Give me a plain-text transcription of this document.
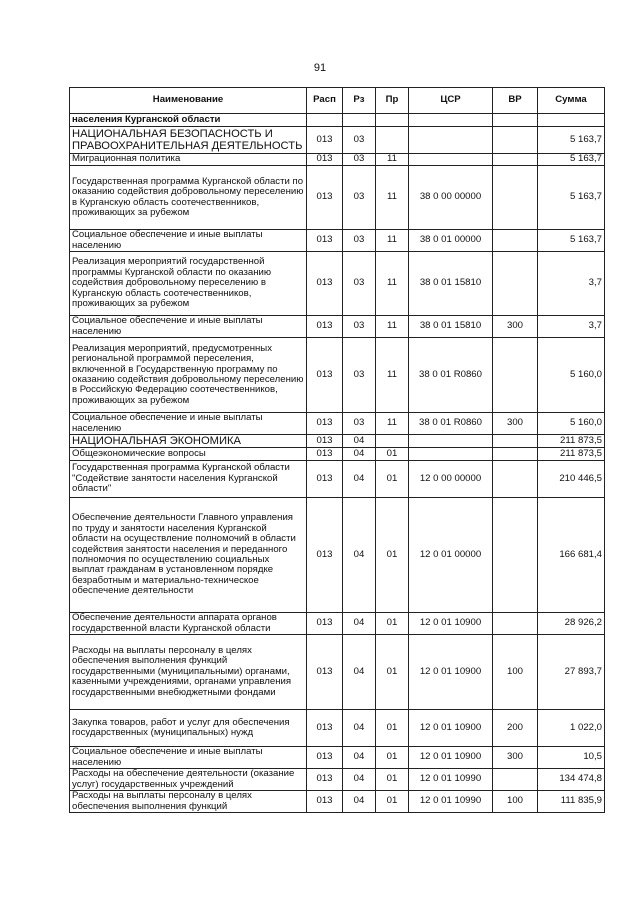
91
Наименование	Расп	Рз	Пр	ЦСР	ВР	Сумма
населения Курганской области						
НАЦИОНАЛЬНАЯ БЕЗОПАСНОСТЬ И ПРАВООХРАНИТЕЛЬНАЯ ДЕЯТЕЛЬНОСТЬ	013	03				5 163,7
Миграционная политика	013	03	11			5 163,7
Государственная программа Курганской области по оказанию содействия добровольному переселению в Курганскую область соотечественников, проживающих за рубежом	013	03	11	38 0 00 00000		5 163,7
Социальное обеспечение и иные выплаты населению	013	03	11	38 0 01 00000		5 163,7
Реализация мероприятий государственной программы Курганской области по оказанию содействия добровольному переселению в Курганскую область соотечественников, проживающих за рубежом	013	03	11	38 0 01 15810		3,7
Социальное обеспечение и иные выплаты населению	013	03	11	38 0 01 15810	300	3,7
Реализация мероприятий, предусмотренных региональной программой переселения, включенной в Государственную программу по оказанию содействия добровольному переселению в Российскую Федерацию соотечественников, проживающих за рубежом	013	03	11	38 0 01 R0860		5 160,0
Социальное обеспечение и иные выплаты населению	013	03	11	38 0 01 R0860	300	5 160,0
НАЦИОНАЛЬНАЯ ЭКОНОМИКА	013	04				211 873,5
Общеэкономические вопросы	013	04	01			211 873,5
Государственная программа Курганской области "Содействие занятости населения Курганской области"	013	04	01	12 0 00 00000		210 446,5
Обеспечение деятельности Главного управления по труду и занятости населения Курганской области на осуществление полномочий в области содействия занятости населения и переданного полномочия по осуществлению социальных выплат гражданам в установленном порядке безработным и материально-техническое обеспечение деятельности	013	04	01	12 0 01 00000		166 681,4
Обеспечение деятельности аппарата органов государственной власти Курганской области	013	04	01	12 0 01 10900		28 926,2
Расходы на выплаты персоналу в целях обеспечения выполнения функций государственными (муниципальными) органами, казенными учреждениями, органами управления государственными внебюджетными фондами	013	04	01	12 0 01 10900	100	27 893,7
Закупка товаров, работ и услуг для обеспечения государственных (муниципальных) нужд	013	04	01	12 0 01 10900	200	1 022,0
Социальное обеспечение и иные выплаты населению	013	04	01	12 0 01 10900	300	10,5
Расходы на обеспечение деятельности (оказание услуг) государственных учреждений	013	04	01	12 0 01 10990		134 474,8
Расходы на выплаты персоналу в целях обеспечения выполнения функций	013	04	01	12 0 01 10990	100	111 835,9
